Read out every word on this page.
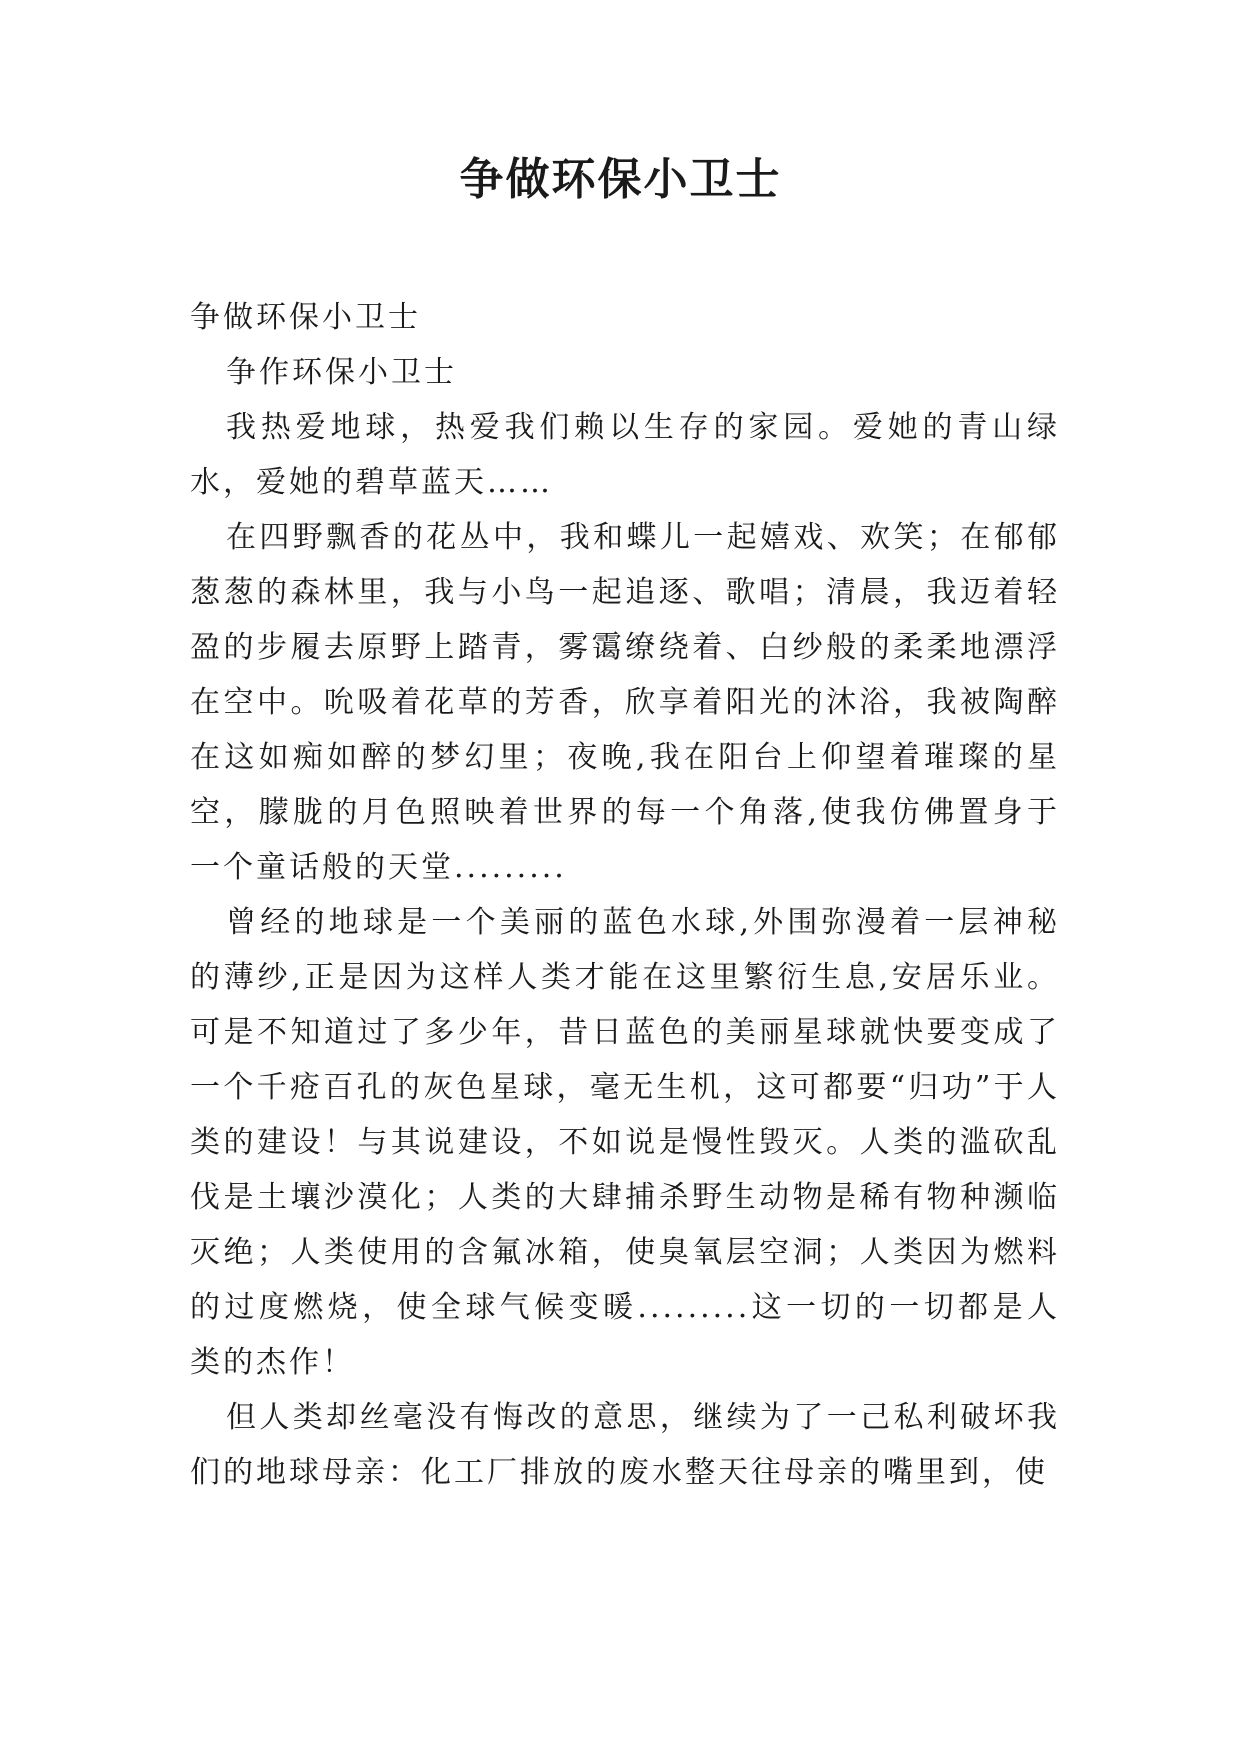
争做环保小卫士

争做环保小卫士

争作环保小卫士

我热爱地球，热爱我们赖以生存的家园。爱她的青山绿水，爱她的碧草蓝天……

在四野飘香的花丛中，我和蝶儿一起嬉戏、欢笑；在郁郁葱葱的森林里，我与小鸟一起追逐、歌唱；清晨，我迈着轻盈的步履去原野上踏青，雾霭缭绕着、白纱般的柔柔地漂浮在空中。吮吸着花草的芳香，欣享着阳光的沐浴，我被陶醉在这如痴如醉的梦幻里；夜晚,我在阳台上仰望着璀璨的星空，朦胧的月色照映着世界的每一个角落,使我仿佛置身于一个童话般的天堂.........

曾经的地球是一个美丽的蓝色水球,外围弥漫着一层神秘的薄纱,正是因为这样人类才能在这里繁衍生息,安居乐业。可是不知道过了多少年，昔日蓝色的美丽星球就快要变成了一个千疮百孔的灰色星球，毫无生机，这可都要“归功”于人类的建设！与其说建设，不如说是慢性毁灭。人类的滥砍乱伐是土壤沙漠化；人类的大肆捕杀野生动物是稀有物种濒临灭绝；人类使用的含氟冰箱，使臭氧层空洞；人类因为燃料的过度燃烧，使全球气候变暖.........这一切的一切都是人类的杰作！

但人类却丝毫没有悔改的意思，继续为了一己私利破坏我们的地球母亲：化工厂排放的废水整天往母亲的嘴里到，使
